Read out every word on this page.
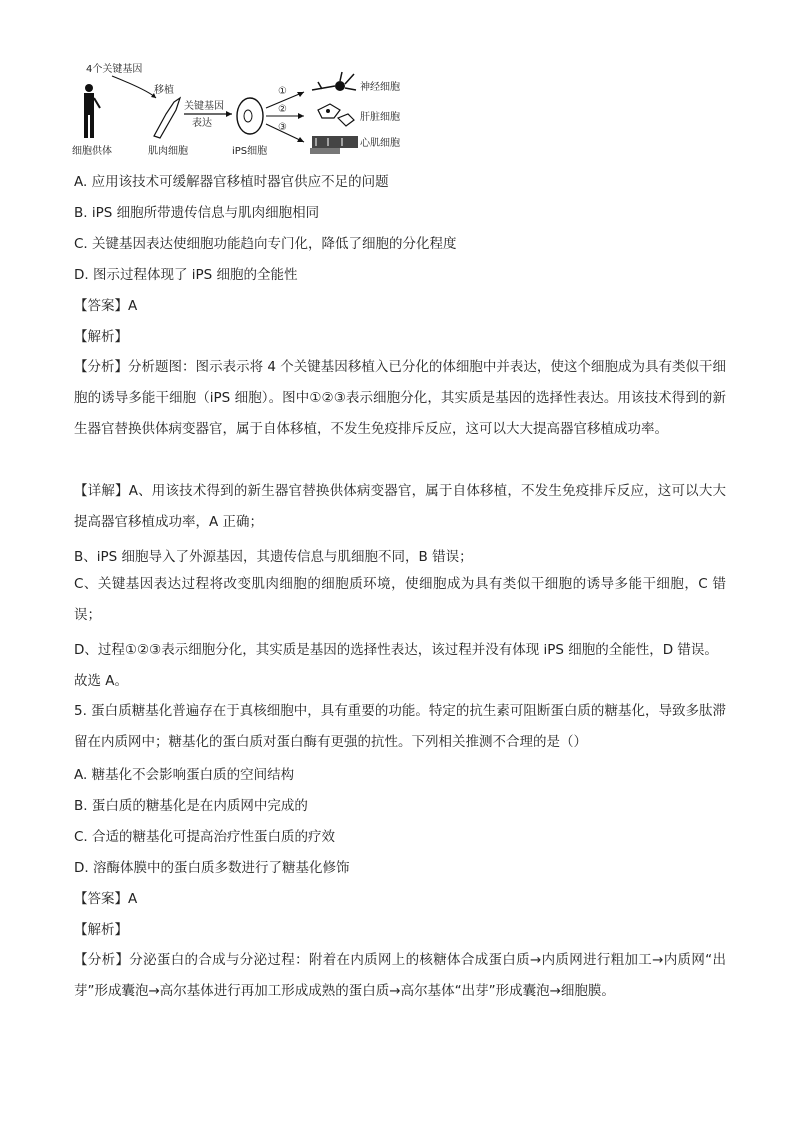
4个关键基因
移植
关键基因
表达
①
②
③
神经细胞
肝脏细胞
心肌细胞
细胞供体	肌肉细胞	iPS细胞
A. 应用该技术可缓解器官移植时器官供应不足的问题
B. iPS 细胞所带遗传信息与肌肉细胞相同
C. 关键基因表达使细胞功能趋向专门化，降低了细胞的分化程度
D. 图示过程体现了 iPS 细胞的全能性
【答案】A
【解析】
【分析】分析题图：图示表示将 4 个关键基因移植入已分化的体细胞中并表达，使这个细胞成为具有类似干细胞的诱导多能干细胞（iPS 细胞）。图中①②③表示细胞分化，其实质是基因的选择性表达。用该技术得到的新生器官替换供体病变器官，属于自体移植，不发生免疫排斥反应，这可以大大提高器官移植成功率。
【详解】A、用该技术得到的新生器官替换供体病变器官，属于自体移植，不发生免疫排斥反应，这可以大大提高器官移植成功率，A 正确；
B、iPS 细胞导入了外源基因，其遗传信息与肌细胞不同，B 错误；
C、关键基因表达过程将改变肌肉细胞的细胞质环境，使细胞成为具有类似干细胞的诱导多能干细胞，C 错误；
D、过程①②③表示细胞分化，其实质是基因的选择性表达，该过程并没有体现 iPS 细胞的全能性，D 错误。
故选 A。
5. 蛋白质糖基化普遍存在于真核细胞中，具有重要的功能。特定的抗生素可阻断蛋白质的糖基化，导致多肽滞留在内质网中；糖基化的蛋白质对蛋白酶有更强的抗性。下列相关推测不合理的是（）
A. 糖基化不会影响蛋白质的空间结构
B. 蛋白质的糖基化是在内质网中完成的
C. 合适的糖基化可提高治疗性蛋白质的疗效
D. 溶酶体膜中的蛋白质多数进行了糖基化修饰
【答案】A
【解析】
【分析】分泌蛋白的合成与分泌过程：附着在内质网上的核糖体合成蛋白质→内质网进行粗加工→内质网“出芽”形成囊泡→高尔基体进行再加工形成成熟的蛋白质→高尔基体“出芽”形成囊泡→细胞膜。
